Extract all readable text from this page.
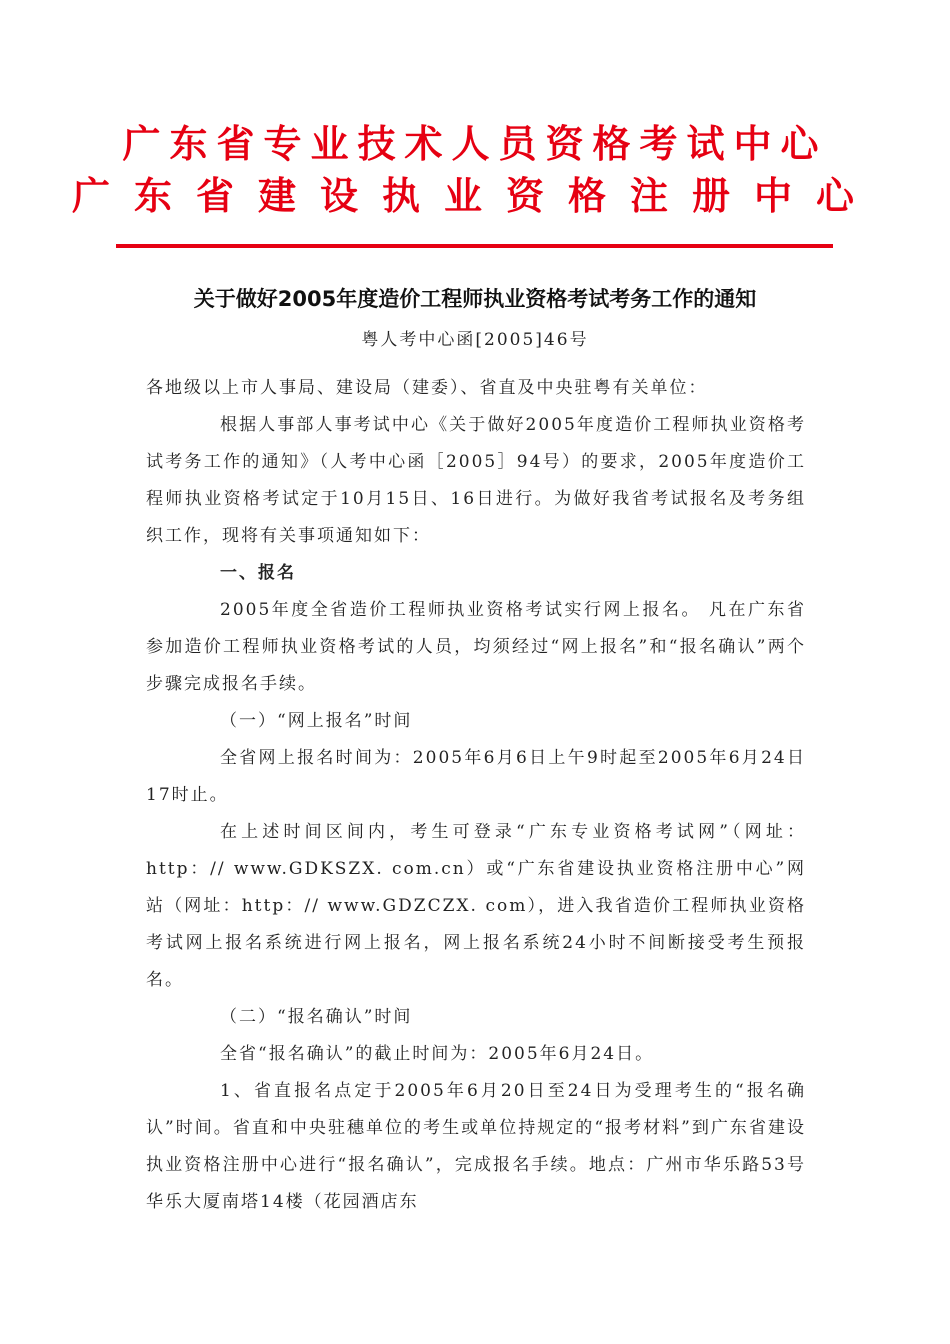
广东省专业技术人员资格考试中心
广东省建设执业资格注册中心
关于做好2005年度造价工程师执业资格考试考务工作的通知
粤人考中心函[2005]46号

各地级以上市人事局、建设局（建委）、省直及中央驻粤有关单位：

根据人事部人事考试中心《关于做好2005年度造价工程师执业资格考试考务工作的通知》（人考中心函［2005］94号）的要求，2005年度造价工程师执业资格考试定于10月15日、16日进行。为做好我省考试报名及考务组织工作，现将有关事项通知如下：

一、报名

2005年度全省造价工程师执业资格考试实行网上报名。 凡在广东省参加造价工程师执业资格考试的人员，均须经过“网上报名”和“报名确认”两个步骤完成报名手续。

（一）“网上报名”时间

全省网上报名时间为：2005年6月6日上午9时起至2005年6月24日17时止。

在上述时间区间内，考生可登录“广东专业资格考试网”（网址：http：// www.GDKSZX. com.cn）或“广东省建设执业资格注册中心”网站（网址：http：// www.GDZCZX. com），进入我省造价工程师执业资格考试网上报名系统进行网上报名，网上报名系统24小时不间断接受考生预报名。

（二）“报名确认”时间

全省“报名确认”的截止时间为：2005年6月24日。

1、省直报名点定于2005年6月20日至24日为受理考生的“报名确认”时间。省直和中央驻穗单位的考生或单位持规定的“报考材料”到广东省建设执业资格注册中心进行“报名确认”，完成报名手续。地点：广州市华乐路53号华乐大厦南塔14楼（花园酒店东
